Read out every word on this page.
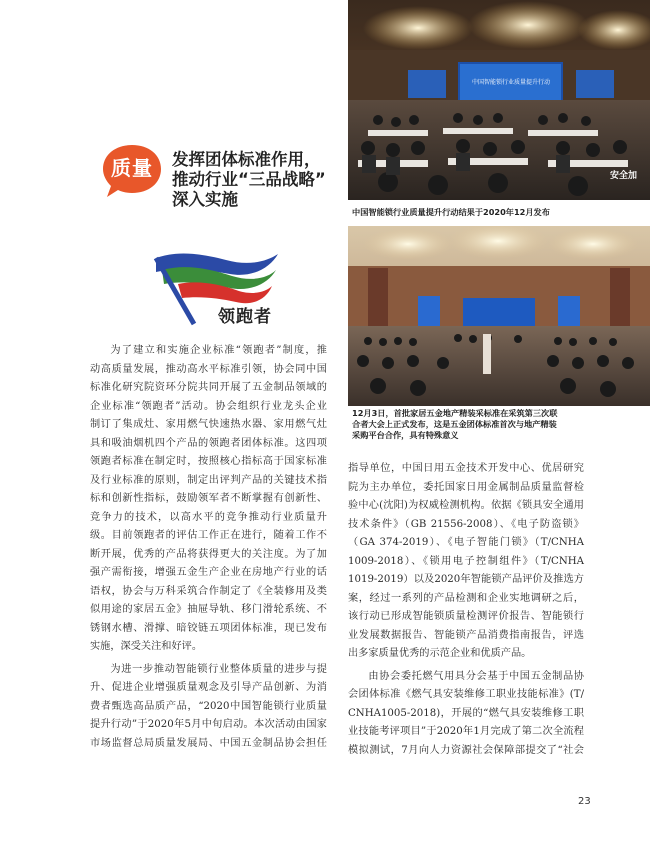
中国智能锁行业质量提升行动
安全加
中国智能锁行业质量提升行动结果于2020年12月发布
12月3日，首批家居五金地产精装采标准在采筑第三次联
合者大会上正式发布，这是五金团体标准首次与地产精装
采购平台合作，具有特殊意义
质量	发挥团体标准作用，
推动行业“三品战略”
深入实施
领跑者

为了建立和实施企业标准“领跑者”制度，推
动高质量发展，推动高水平标准引领，协会同中国
标准化研究院资环分院共同开展了五金制品领域的
企业标准“领跑者”活动。协会组织行业龙头企业
制订了集成灶、家用燃气快速热水器、家用燃气灶
具和吸油烟机四个产品的领跑者团体标准。这四项
领跑者标准在制定时，按照核心指标高于国家标准
及行业标准的原则，制定出评判产品的关键技术指
标和创新性指标，鼓励领军者不断掌握有创新性、
竞争力的技术，以高水平的竞争推动行业质量升
级。目前领跑者的评估工作正在进行，随着工作不
断开展，优秀的产品将获得更大的关注度。为了加
强产需衔接，增强五金生产企业在房地产行业的话
语权，协会与万科采筑合作制定了《全装修用及类
似用途的家居五金》抽屉导轨、移门滑轮系统、不
锈钢水槽、滑撑、暗铰链五项团体标准，现已发布
实施，深受关注和好评。

为进一步推动智能锁行业整体质量的进步与提
升、促进企业增强质量观念及引导产品创新、为消
费者甄选高品质产品，“2020中国智能锁行业质量
提升行动”于2020年5月中旬启动。本次活动由国家
市场监督总局质量发展局、中国五金制品协会担任

指导单位，中国日用五金技术开发中心、优居研究
院为主办单位，委托国家日用金属制品质量监督检
验中心(沈阳)为权威检测机构。依据《锁具安全通用
技术条件》（GB 21556-2008）、《电子防盗锁》
（GA 374-2019）、《电子智能门锁》（T/CNHA
1009-2018）、《锁用电子控制组件》（T/CNHA
1019-2019）以及2020年智能锁产品评价及推选方
案，经过一系列的产品检测和企业实地调研之后，
该行动已形成智能锁质量检测评价报告、智能锁行
业发展数据报告、智能锁产品消费指南报告，评选
出多家质量优秀的示范企业和优质产品。

由协会委托燃气用具分会基于中国五金制品协
会团体标准《燃气具安装维修工职业技能标准》(T/
CNHA1005-2018)，开展的“燃气具安装维修工职
业技能考评项目”于2020年1月完成了第二次全流程
模拟测试，7月向人力资源社会保障部提交了“社会

23
